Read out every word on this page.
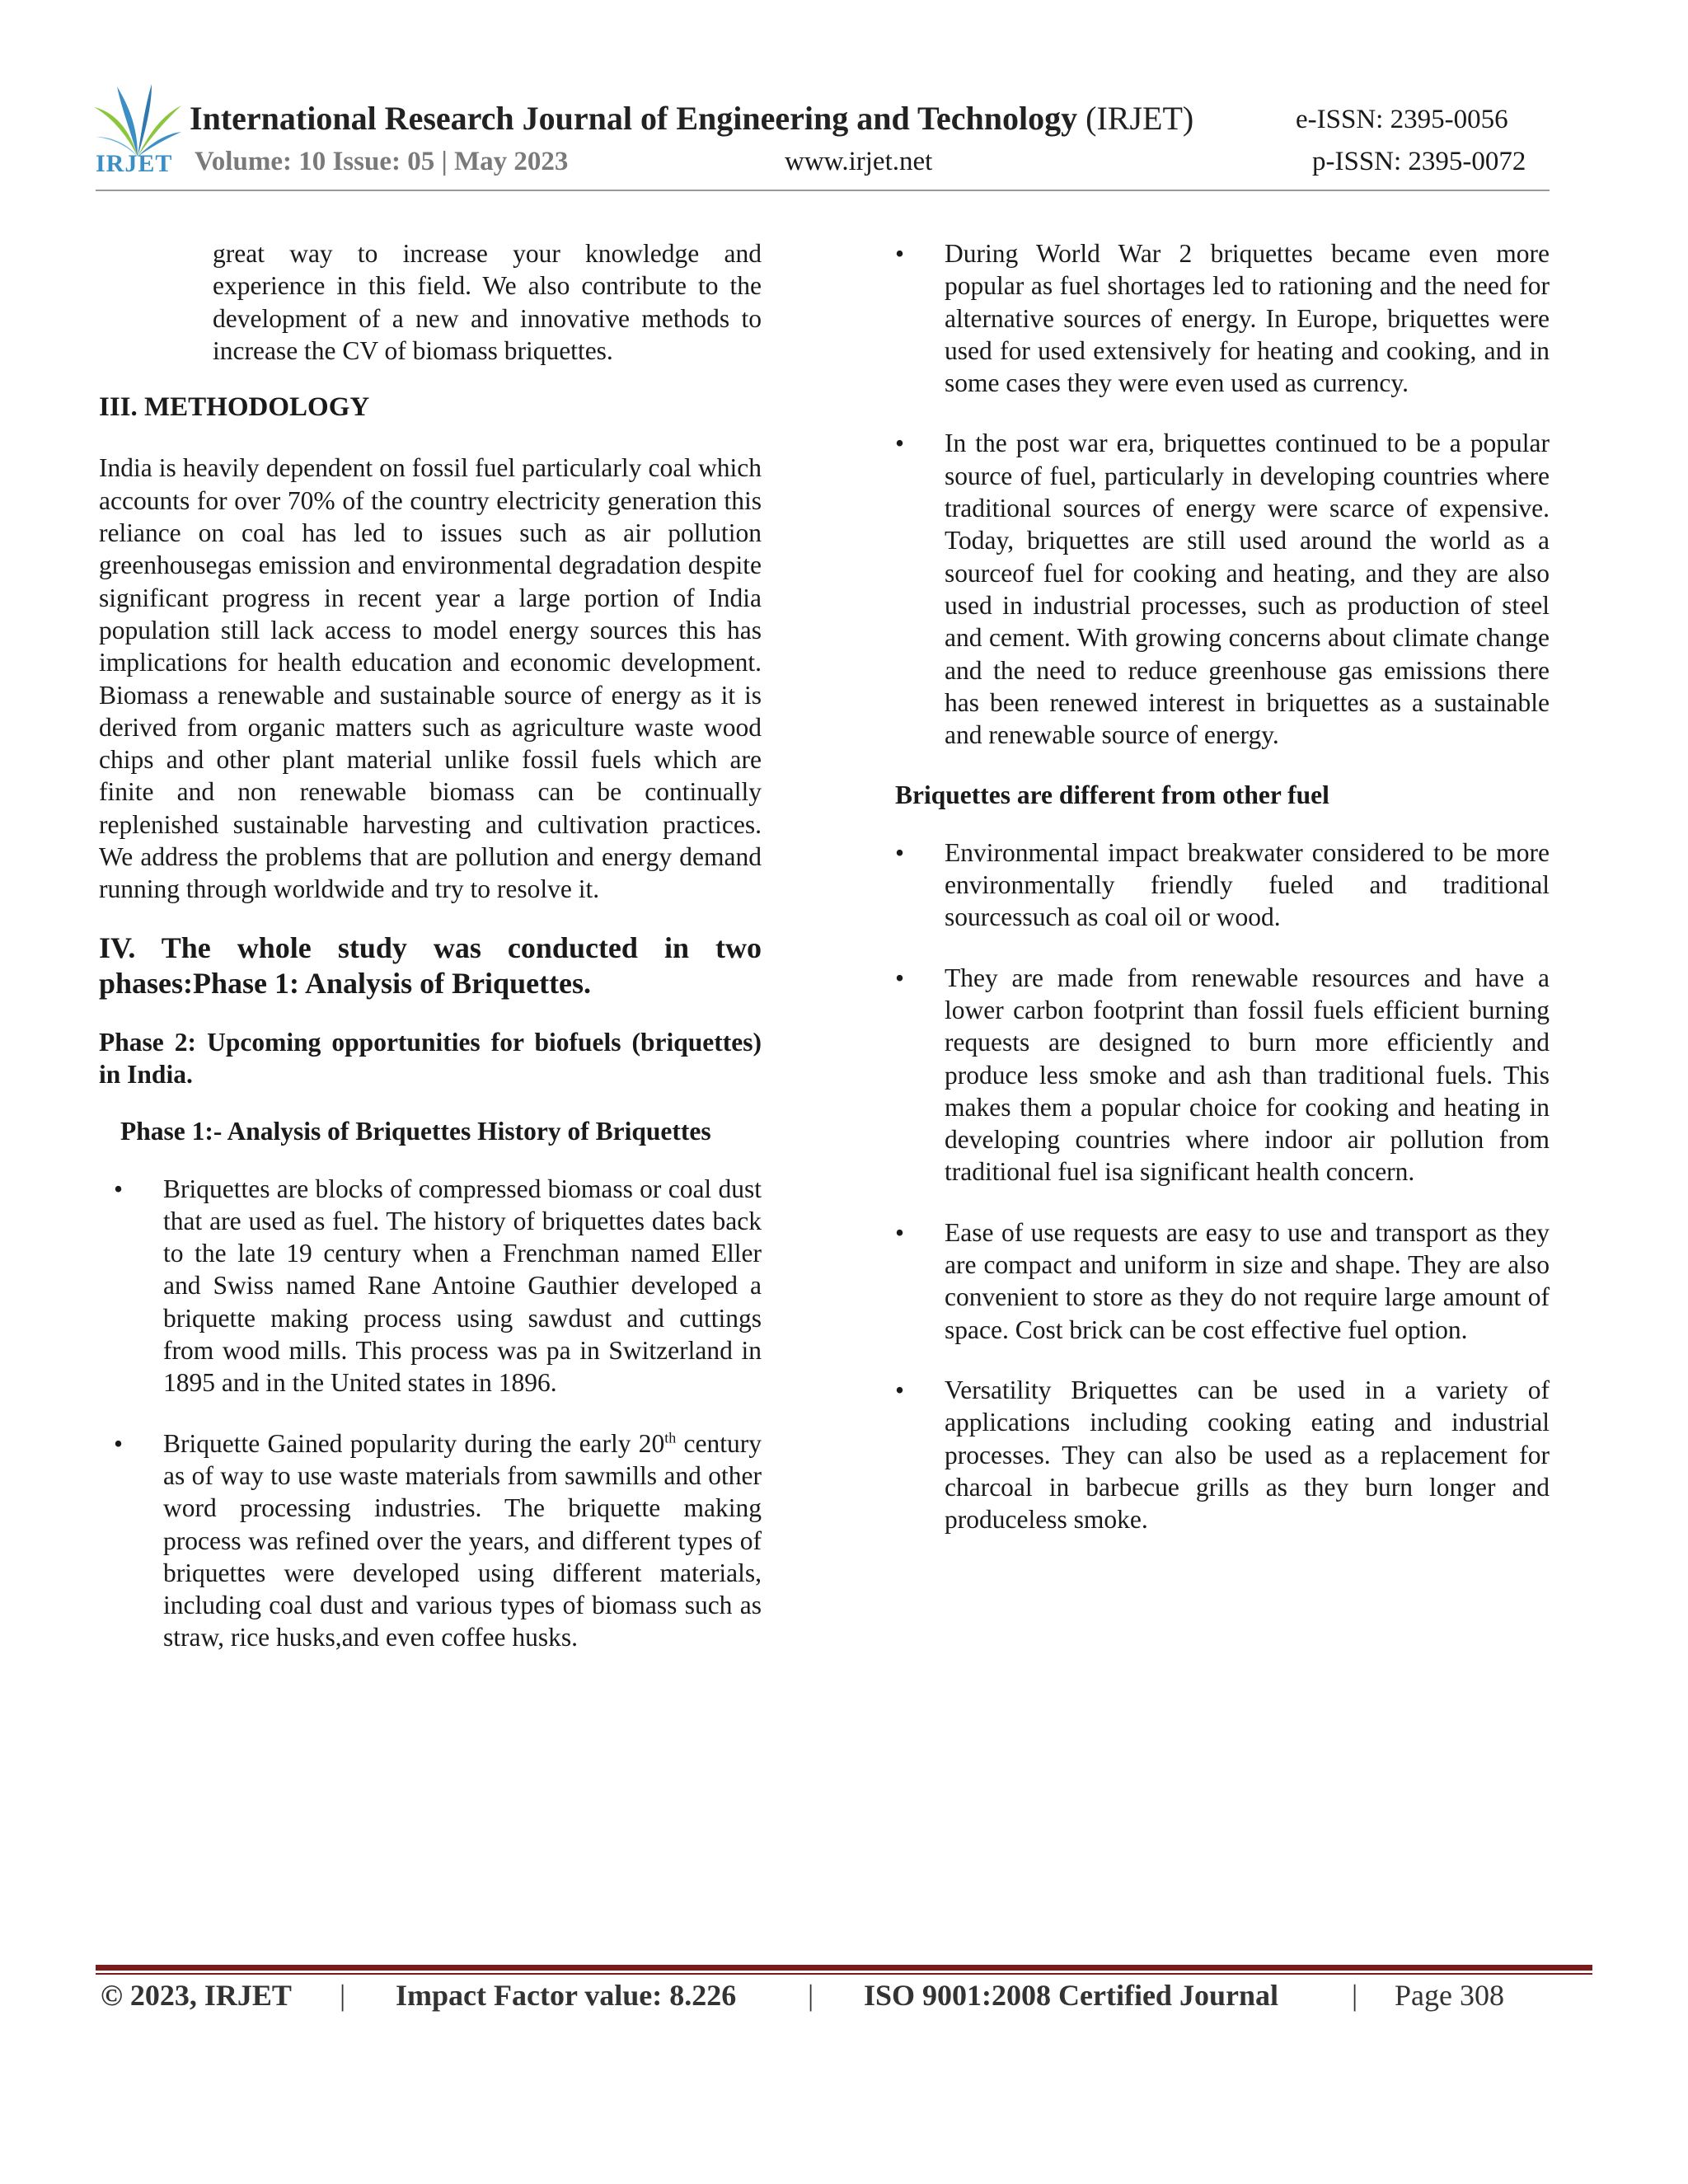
IRJET
International Research Journal of Engineering and Technology (IRJET)	e-ISSN: 2395-0056
Volume: 10 Issue: 05 | May 2023	www.irjet.net	p-ISSN: 2395-0072

great way to increase your knowledge and experience in this field. We also contribute to the development of a new and innovative methods to increase the CV of biomass briquettes.

III. METHODOLOGY

India is heavily dependent on fossil fuel particularly coal which accounts for over 70% of the country electricity generation this reliance on coal has led to issues such as air pollution greenhousegas emission and environmental degradation despite significant progress in recent year a large portion of India population still lack access to model energy sources this has implications for health education and economic development. Biomass a renewable and sustainable source of energy as it is derived from organic matters such as agriculture waste wood chips and other plant material unlike fossil fuels which are finite and non renewable biomass can be continually replenished sustainable harvesting and cultivation practices. We address the problems that are pollution and energy demand running through worldwide and try to resolve it.

IV. The whole study was conducted in two phases:Phase 1: Analysis of Briquettes.
Phase 2: Upcoming opportunities for biofuels (briquettes) in India.
Phase 1:- Analysis of Briquettes History of Briquettes
• Briquettes are blocks of compressed biomass or coal dust that are used as fuel. The history of briquettes dates back to the late 19 century when a Frenchman named Eller and Swiss named Rane Antoine Gauthier developed a briquette making process using sawdust and cuttings from wood mills. This process was pa in Switzerland in 1895 and in the United states in 1896.
• Briquette Gained popularity during the early 20th century as of way to use waste materials from sawmills and other word processing industries. The briquette making process was refined over the years, and different types of briquettes were developed using different materials, including coal dust and various types of biomass such as straw, rice husks,and even coffee husks.
• During World War 2 briquettes became even more popular as fuel shortages led to rationing and the need for alternative sources of energy. In Europe, briquettes were used for used extensively for heating and cooking, and in some cases they were even used as currency.
• In the post war era, briquettes continued to be a popular source of fuel, particularly in developing countries where traditional sources of energy were scarce of expensive. Today, briquettes are still used around the world as a sourceof fuel for cooking and heating, and they are also used in industrial processes, such as production of steel and cement. With growing concerns about climate change and the need to reduce greenhouse gas emissions there has been renewed interest in briquettes as a sustainable and renewable source of energy.
Briquettes are different from other fuel
• Environmental impact breakwater considered to be more environmentally friendly fueled and traditional sourcessuch as coal oil or wood.
• They are made from renewable resources and have a lower carbon footprint than fossil fuels efficient burning requests are designed to burn more efficiently and produce less smoke and ash than traditional fuels. This makes them a popular choice for cooking and heating in developing countries where indoor air pollution from traditional fuel isa significant health concern.
• Ease of use requests are easy to use and transport as they are compact and uniform in size and shape. They are also convenient to store as they do not require large amount of space. Cost brick can be cost effective fuel option.
• Versatility Briquettes can be used in a variety of applications including cooking eating and industrial processes. They can also be used as a replacement for charcoal in barbecue grills as they burn longer and produceless smoke.
© 2023, IRJET | Impact Factor value: 8.226 | ISO 9001:2008 Certified Journal | Page 308
